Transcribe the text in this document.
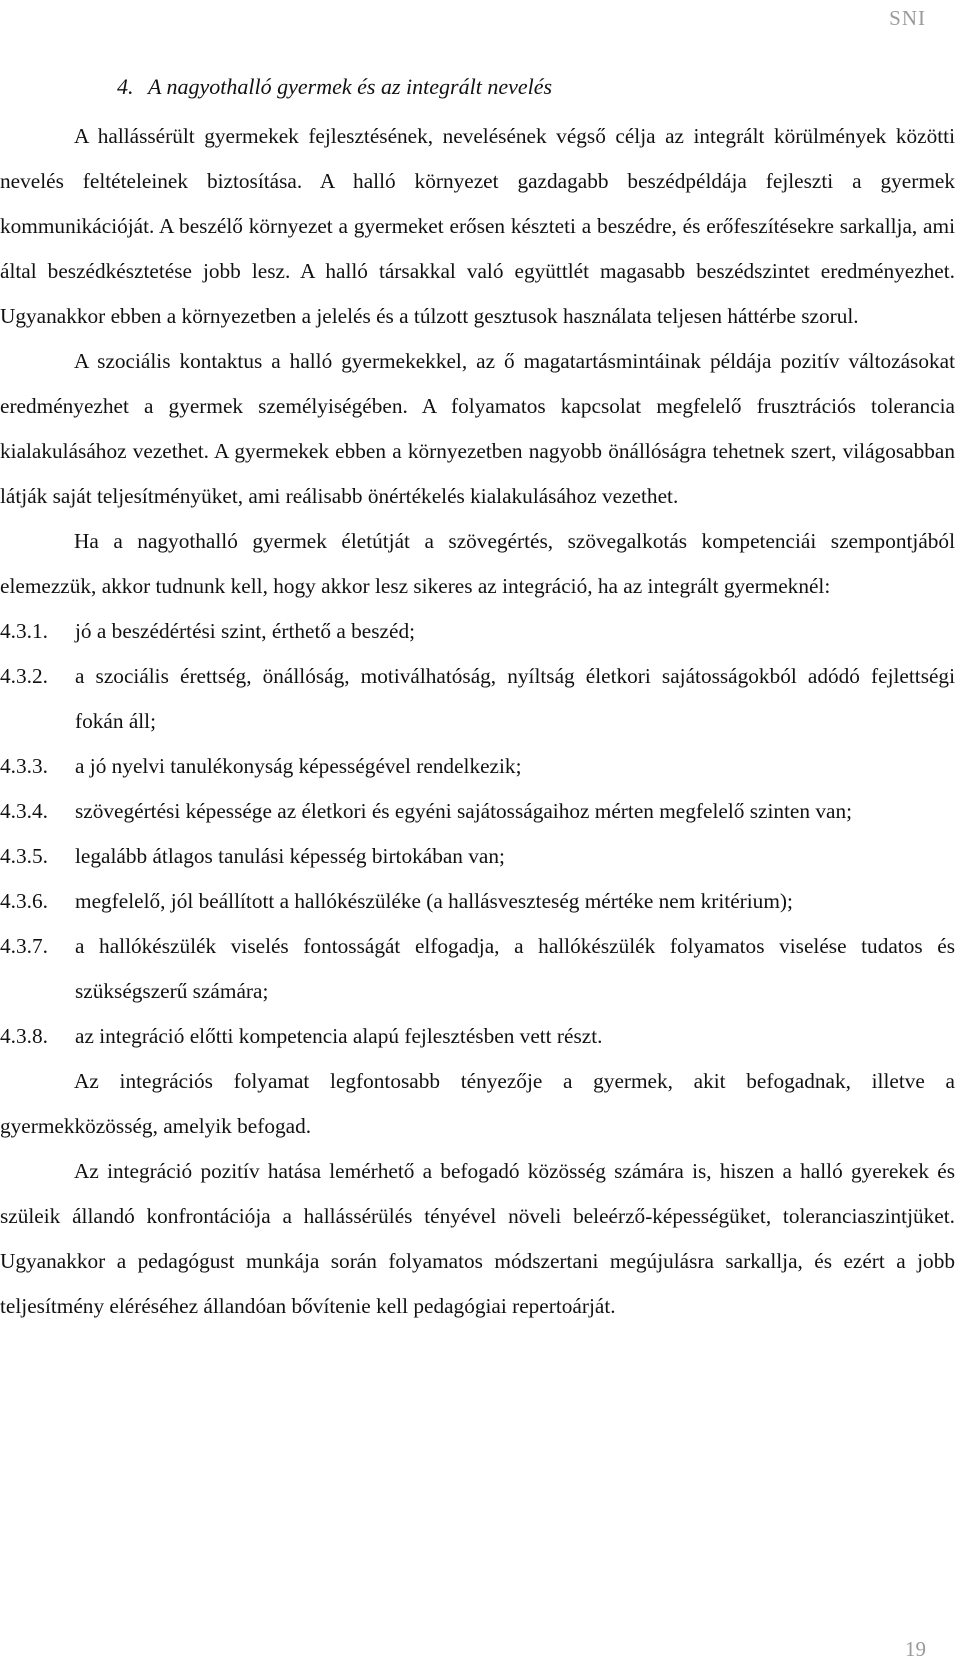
SNI
4. A nagyothalló gyermek és az integrált nevelés

A hallássérült gyermekek fejlesztésének, nevelésének végső célja az integrált körülmények közötti nevelés feltételeinek biztosítása. A halló környezet gazdagabb beszédpéldája fejleszti a gyermek kommunikációját. A beszélő környezet a gyermeket erősen készteti a beszédre, és erőfeszítésekre sarkallja, ami által beszédkésztetése jobb lesz. A halló társakkal való együttlét magasabb beszédszintet eredményezhet. Ugyanakkor ebben a környezetben a jelelés és a túlzott gesztusok használata teljesen háttérbe szorul.

A szociális kontaktus a halló gyermekekkel, az ő magatartásmintáinak példája pozitív változásokat eredményezhet a gyermek személyiségében. A folyamatos kapcsolat megfelelő frusztrációs tolerancia kialakulásához vezethet. A gyermekek ebben a környezetben nagyobb önállóságra tehetnek szert, világosabban látják saját teljesítményüket, ami reálisabb önértékelés kialakulásához vezethet.

Ha a nagyothalló gyermek életútját a szövegértés, szövegalkotás kompetenciái szempontjából elemezzük, akkor tudnunk kell, hogy akkor lesz sikeres az integráció, ha az integrált gyermeknél:

4.3.1.	jó a beszédértési szint, érthető a beszéd;
4.3.2.	a szociális érettség, önállóság, motiválhatóság, nyíltság életkori sajátosságokból adódó fejlettségi fokán áll;
4.3.3.	a jó nyelvi tanulékonyság képességével rendelkezik;
4.3.4.	szövegértési képessége az életkori és egyéni sajátosságaihoz mérten megfelelő szinten van;
4.3.5.	legalább átlagos tanulási képesség birtokában van;
4.3.6.	megfelelő, jól beállított a hallókészüléke (a hallásveszteség mértéke nem kritérium);
4.3.7.	a hallókészülék viselés fontosságát elfogadja, a hallókészülék folyamatos viselése tudatos és szükségszerű számára;
4.3.8.	az integráció előtti kompetencia alapú fejlesztésben vett részt.

Az integrációs folyamat legfontosabb tényezője a gyermek, akit befogadnak, illetve a gyermekközösség, amelyik befogad.

Az integráció pozitív hatása lemérhető a befogadó közösség számára is, hiszen a halló gyerekek és szüleik állandó konfrontációja a hallássérülés tényével növeli beleérző-képességüket, toleranciaszintjüket. Ugyanakkor a pedagógust munkája során folyamatos módszertani megújulásra sarkallja, és ezért a jobb teljesítmény eléréséhez állandóan bővítenie kell pedagógiai repertoárját.

19
